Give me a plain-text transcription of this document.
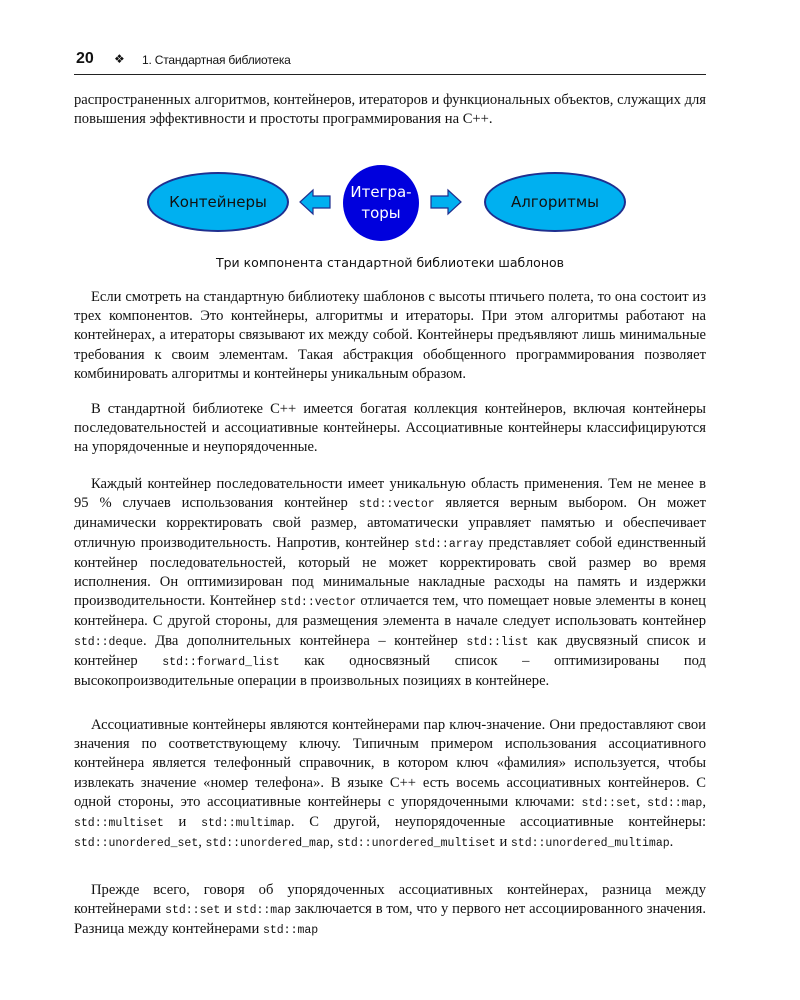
20 ❖ 1. Стандартная библиотека

распространенных алгоритмов, контейнеров, итераторов и функциональных объектов, служащих для повышения эффективности и простоты программирования на C++.

Контейнеры
Итегра-
торы
Алгоритмы
Три компонента стандартной библиотеки шаблонов

Если смотреть на стандартную библиотеку шаблонов с высоты птичьего полета, то она состоит из трех компонентов. Это контейнеры, алгоритмы и итераторы. При этом алгоритмы работают на контейнерах, а итераторы связывают их между собой. Контейнеры предъявляют лишь минимальные требования к своим элементам. Такая абстракция обобщенного программирования позволяет комбинировать алгоритмы и контейнеры уникальным образом.

В стандартной библиотеке C++ имеется богатая коллекция контейнеров, включая контейнеры последовательностей и ассоциативные контейнеры. Ассоциативные контейнеры классифицируются на упорядоченные и неупорядоченные.

Каждый контейнер последовательности имеет уникальную область применения. Тем не менее в 95 % случаев использования контейнер std::vector является верным выбором. Он может динамически корректировать свой размер, автоматически управляет памятью и обеспечивает отличную производительность. Напротив, контейнер std::array представляет собой единственный контейнер последовательностей, который не может корректировать свой размер во время исполнения. Он оптимизирован под минимальные накладные расходы на память и издержки производительности. Контейнер std::vector отличается тем, что помещает новые элементы в конец контейнера. С другой стороны, для размещения элемента в начале следует использовать контейнер std::deque. Два дополнительных контейнера – контейнер std::list как двусвязный список и контейнер std::forward_list как односвязный список – оптимизированы под высокопроизводительные операции в произвольных позициях в контейнере.

Ассоциативные контейнеры являются контейнерами пар ключ-значение. Они предоставляют свои значения по соответствующему ключу. Типичным примером использования ассоциативного контейнера является телефонный справочник, в котором ключ «фамилия» используется, чтобы извлекать значение «номер телефона». В языке C++ есть восемь ассоциативных контейнеров. С одной стороны, это ассоциативные контейнеры с упорядоченными ключами: std::set, std::map, std::multiset и std::multimap. С другой, неупорядоченные ассоциативные контейнеры: std::unordered_set, std::unordered_map, std::unordered_multiset и std::unordered_multimap.

Прежде всего, говоря об упорядоченных ассоциативных контейнерах, разница между контейнерами std::set и std::map заключается в том, что у первого нет ассоциированного значения. Разница между контейнерами std::map
